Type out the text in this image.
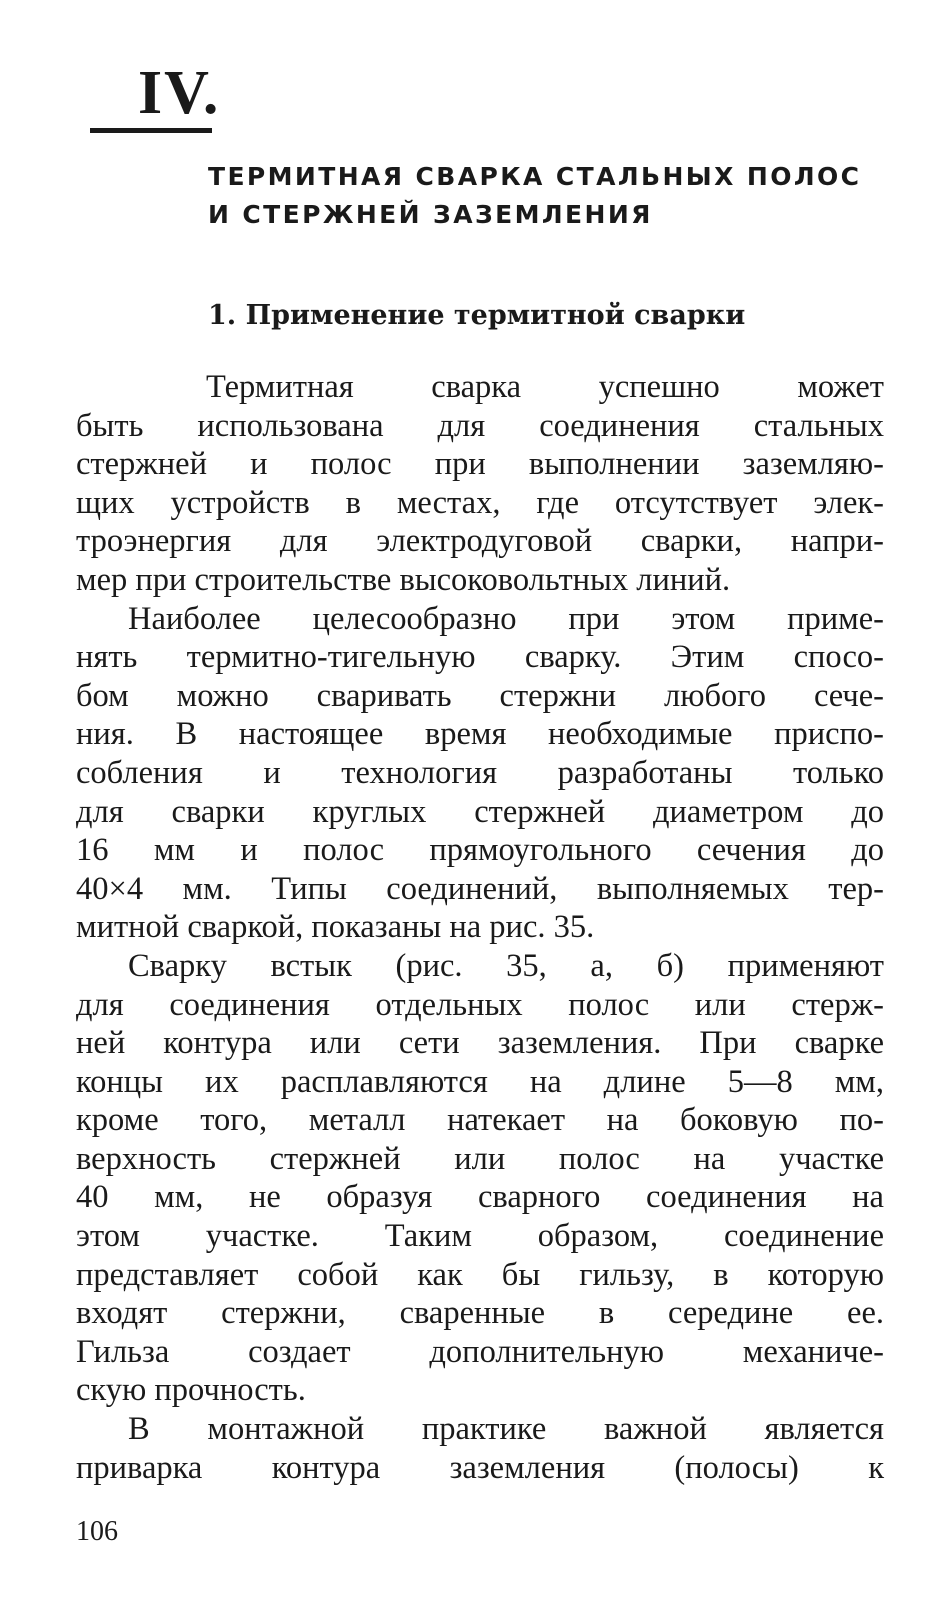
IV.
ТЕРМИТНАЯ СВАРКА СТАЛЬНЫХ ПОЛОС
И СТЕРЖНЕЙ ЗАЗЕМЛЕНИЯ
1. Применение термитной сварки
Термитная сварка успешно может
быть использована для соединения стальных
стержней и полос при выполнении заземляю-
щих устройств в местах, где отсутствует элек-
троэнергия для электродуговой сварки, напри-
мер при строительстве высоковольтных линий.
Наиболее целесообразно при этом приме-
нять термитно-тигельную сварку. Этим спосо-
бом можно сваривать стержни любого сече-
ния. В настоящее время необходимые приспо-
собления и технология разработаны только
для сварки круглых стержней диаметром до
16 мм и полос прямоугольного сечения до
40×4 мм. Типы соединений, выполняемых тер-
митной сваркой, показаны на рис. 35.
Сварку встык (рис. 35, а, б) применяют
для соединения отдельных полос или стерж-
ней контура или сети заземления. При сварке
концы их расплавляются на длине 5—8 мм,
кроме того, металл натекает на боковую по-
верхность стержней или полос на участке
40 мм, не образуя сварного соединения на
этом участке. Таким образом, соединение
представляет собой как бы гильзу, в которую
входят стержни, сваренные в середине ее.
Гильза создает дополнительную механиче-
скую прочность.
В монтажной практике важной является
приварка контура заземления (полосы) к
106
